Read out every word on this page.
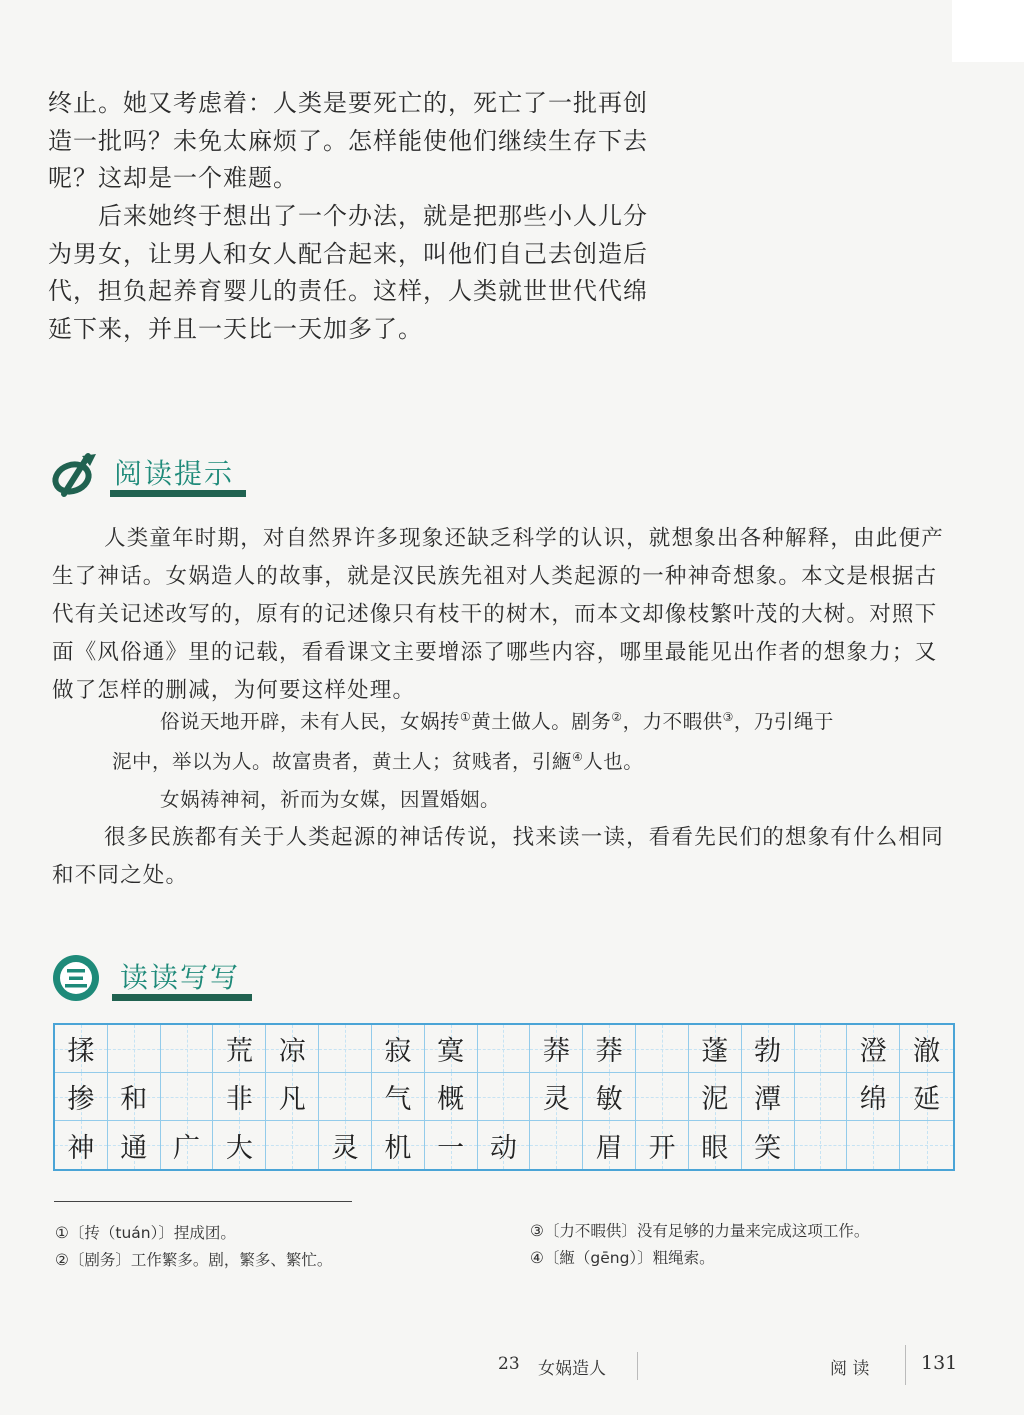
终止。她又考虑着：人类是要死亡的，死亡了一批再创造一批吗？未免太麻烦了。怎样能使他们继续生存下去呢？这却是一个难题。

后来她终于想出了一个办法，就是把那些小人儿分为男女，让男人和女人配合起来，叫他们自己去创造后代，担负起养育婴儿的责任。这样，人类就世世代代绵延下来，并且一天比一天加多了。

阅读提示

人类童年时期，对自然界许多现象还缺乏科学的认识，就想象出各种解释，由此便产生了神话。女娲造人的故事，就是汉民族先祖对人类起源的一种神奇想象。本文是根据古代有关记述改写的，原有的记述像只有枝干的树木，而本文却像枝繁叶茂的大树。对照下面《风俗通》里的记载，看看课文主要增添了哪些内容，哪里最能见出作者的想象力；又做了怎样的删减，为何要这样处理。

俗说天地开辟，未有人民，女娲抟①黄土做人。剧务②，力不暇供③，乃引绳于

泥中，举以为人。故富贵者，黄土人；贫贱者，引緪④人也。

女娲祷神祠，祈而为女媒，因置婚姻。

很多民族都有关于人类起源的神话传说，找来读一读，看看先民们的想象有什么相同和不同之处。

读读写写
揉	荒 凉	寂 寞	莽 莽	蓬 勃	澄 澈
掺 和	非 凡	气 概	灵 敏	泥 潭	绵 延
神 通 广 大	灵 机 一 动	眉 开 眼 笑
①〔抟（tuán）〕捏成团。
②〔剧务〕工作繁多。剧，繁多、繁忙。
③〔力不暇供〕没有足够的力量来完成这项工作。
④〔緪（gēng）〕粗绳索。
23 女娲造人	阅 读	131
